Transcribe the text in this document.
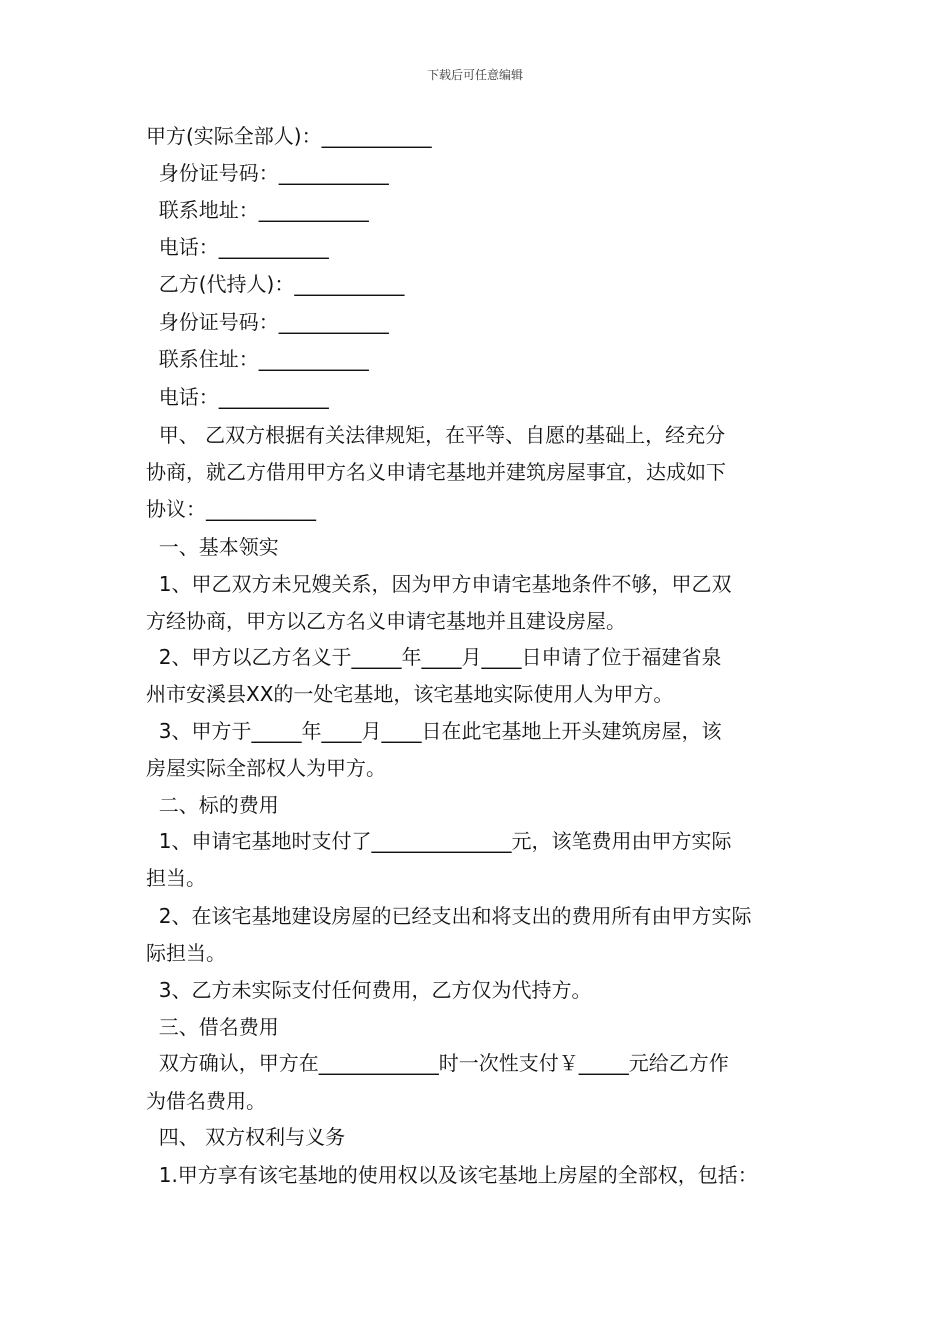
下载后可任意编辑
甲方(实际全部人)：___________
身份证号码：___________
联系地址：___________
电话：___________
乙方(代持人)：___________
身份证号码：___________
联系住址：___________
电话：___________
甲、 乙双方根据有关法律规矩，在平等、自愿的基础上，经充分
协商，就乙方借用甲方名义申请宅基地并建筑房屋事宜，达成如下
协议：___________
一、基本领实
1、甲乙双方未兄嫂关系，因为甲方申请宅基地条件不够，甲乙双
方经协商，甲方以乙方名义申请宅基地并且建设房屋。
2、甲方以乙方名义于_____年____月____日申请了位于福建省泉
州市安溪县XX的一处宅基地，该宅基地实际使用人为甲方。
3、甲方于_____年____月____日在此宅基地上开头建筑房屋，该
房屋实际全部权人为甲方。
二、标的费用
1、申请宅基地时支付了______________元，该笔费用由甲方实际
担当。
2、在该宅基地建设房屋的已经支出和将支出的费用所有由甲方实际
际担当。
3、乙方未实际支付任何费用，乙方仅为代持方。
三、借名费用
双方确认，甲方在____________时一次性支付￥_____元给乙方作
为借名费用。
四、 双方权利与义务
1.甲方享有该宅基地的使用权以及该宅基地上房屋的全部权，包括：
